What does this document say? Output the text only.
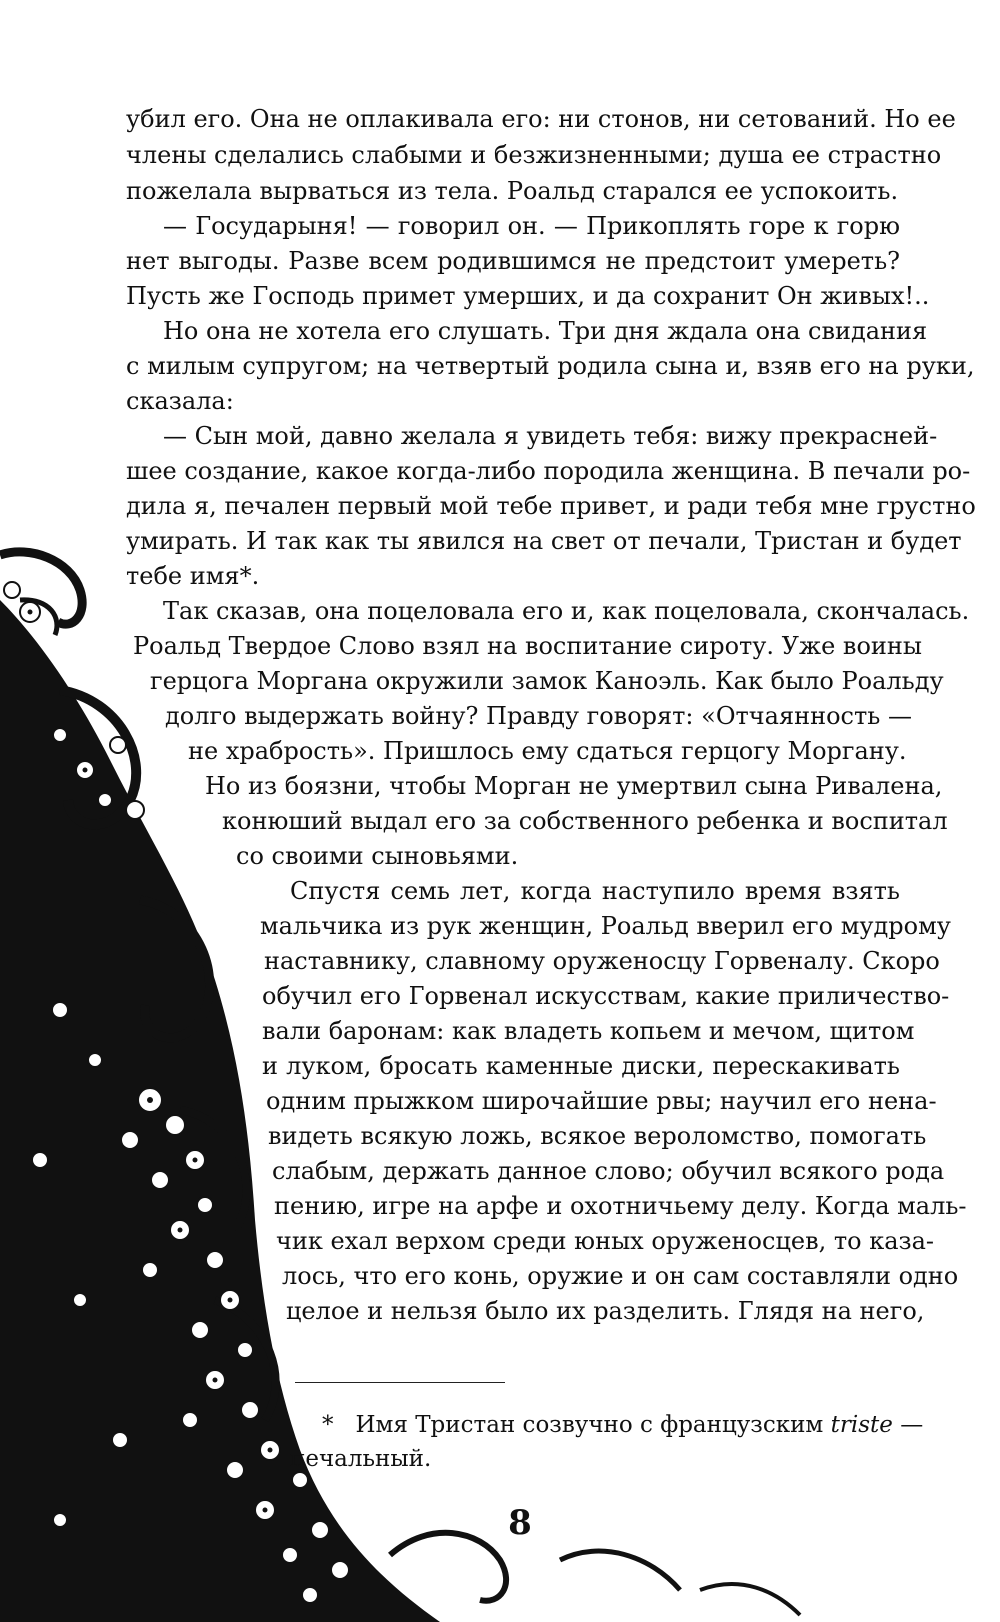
убил его. Она не оплакивала его: ни стонов, ни сетований. Но ее
члены сделались слабыми и безжизненными; душа ее страстно
пожелала вырваться из тела. Роальд старался ее успокоить.
— Государыня! — говорил он. — Прикоплять горе к горю
нет выгоды. Разве всем родившимся не предстоит умереть?
Пусть же Господь примет умерших, и да сохранит Он живых!..
Но она не хотела его слушать. Три дня ждала она свидания
с милым супругом; на четвертый родила сына и, взяв его на руки,
сказала:
— Сын мой, давно желала я увидеть тебя: вижу прекрасней-
шее создание, какое когда-либо породила женщина. В печали ро-
дила я, печален первый мой тебе привет, и ради тебя мне грустно
умирать. И так как ты явился на свет от печали, Тристан и будет
тебе имя*.
Так сказав, она поцеловала его и, как поцеловала, скончалась.
Роальд Твердое Слово взял на воспитание сироту. Уже воины
герцога Моргана окружили замок Каноэль. Как было Роальду
долго выдержать войну? Правду говорят: «Отчаянность —
не храбрость». Пришлось ему сдаться герцогу Моргану.
Но из боязни, чтобы Морган не умертвил сына Ривалена,
конюший выдал его за собственного ребенка и воспитал
со своими сыновьями.
Спустя семь лет, когда наступило время взять
мальчика из рук женщин, Роальд вверил его мудрому
наставнику, славному оруженосцу Горвеналу. Скоро
обучил его Горвенал искусствам, какие приличество-
вали баронам: как владеть копьем и мечом, щитом
и луком, бросать каменные диски, перескакивать
одним прыжком широчайшие рвы; научил его нена-
видеть всякую ложь, всякое вероломство, помогать
слабым, держать данное слово; обучил всякого рода
пению, игре на арфе и охотничьему делу. Когда маль-
чик ехал верхом среди юных оруженосцев, то каза-
лось, что его конь, оружие и он сам составляли одно
целое и нельзя было их разделить. Глядя на него,
* Имя Тристан созвучно с французским triste —
печальный.
8
